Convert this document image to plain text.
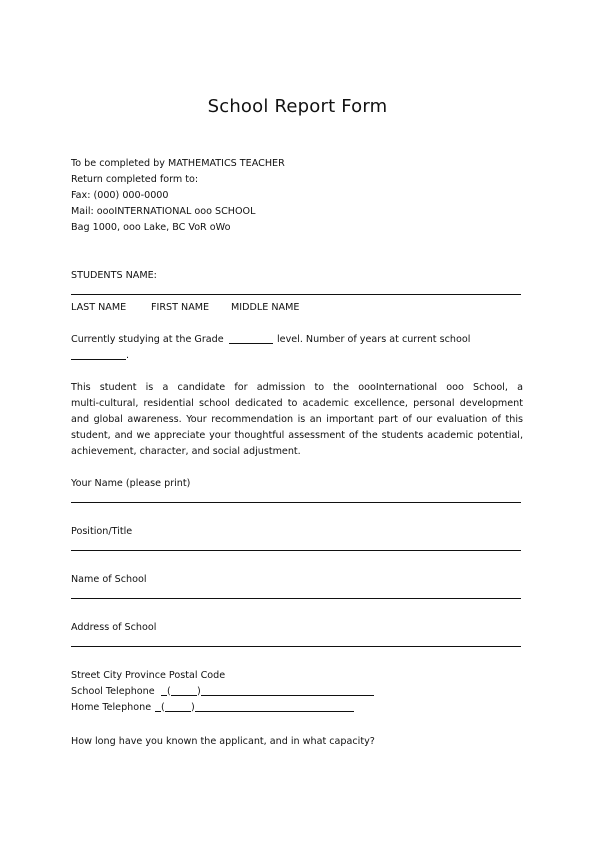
School Report Form
To be completed by MATHEMATICS TEACHER
Return completed form to:
Fax: (000) 000-0000
Mail: oooINTERNATIONAL ooo SCHOOL
Bag 1000, ooo Lake, BC VoR oWo
STUDENTS NAME:
LAST NAME	FIRST NAME MIDDLE NAME
Currently studying at the Grade	level. Number of years at current school
.
This student is a candidate for admission to the oooInternational ooo School, a
multi-cultural, residential school dedicated to academic excellence, personal development
and global awareness. Your recommendation is an important part of our evaluation of this
student, and we appreciate your thoughtful assessment of the students academic potential,
achievement, character, and social adjustment.
Your Name (please print)
Position/Title
Name of School
Address of School
Street City Province Postal Code
School Telephone (	)
Home Telephone (	)
How long have you known the applicant, and in what capacity?
